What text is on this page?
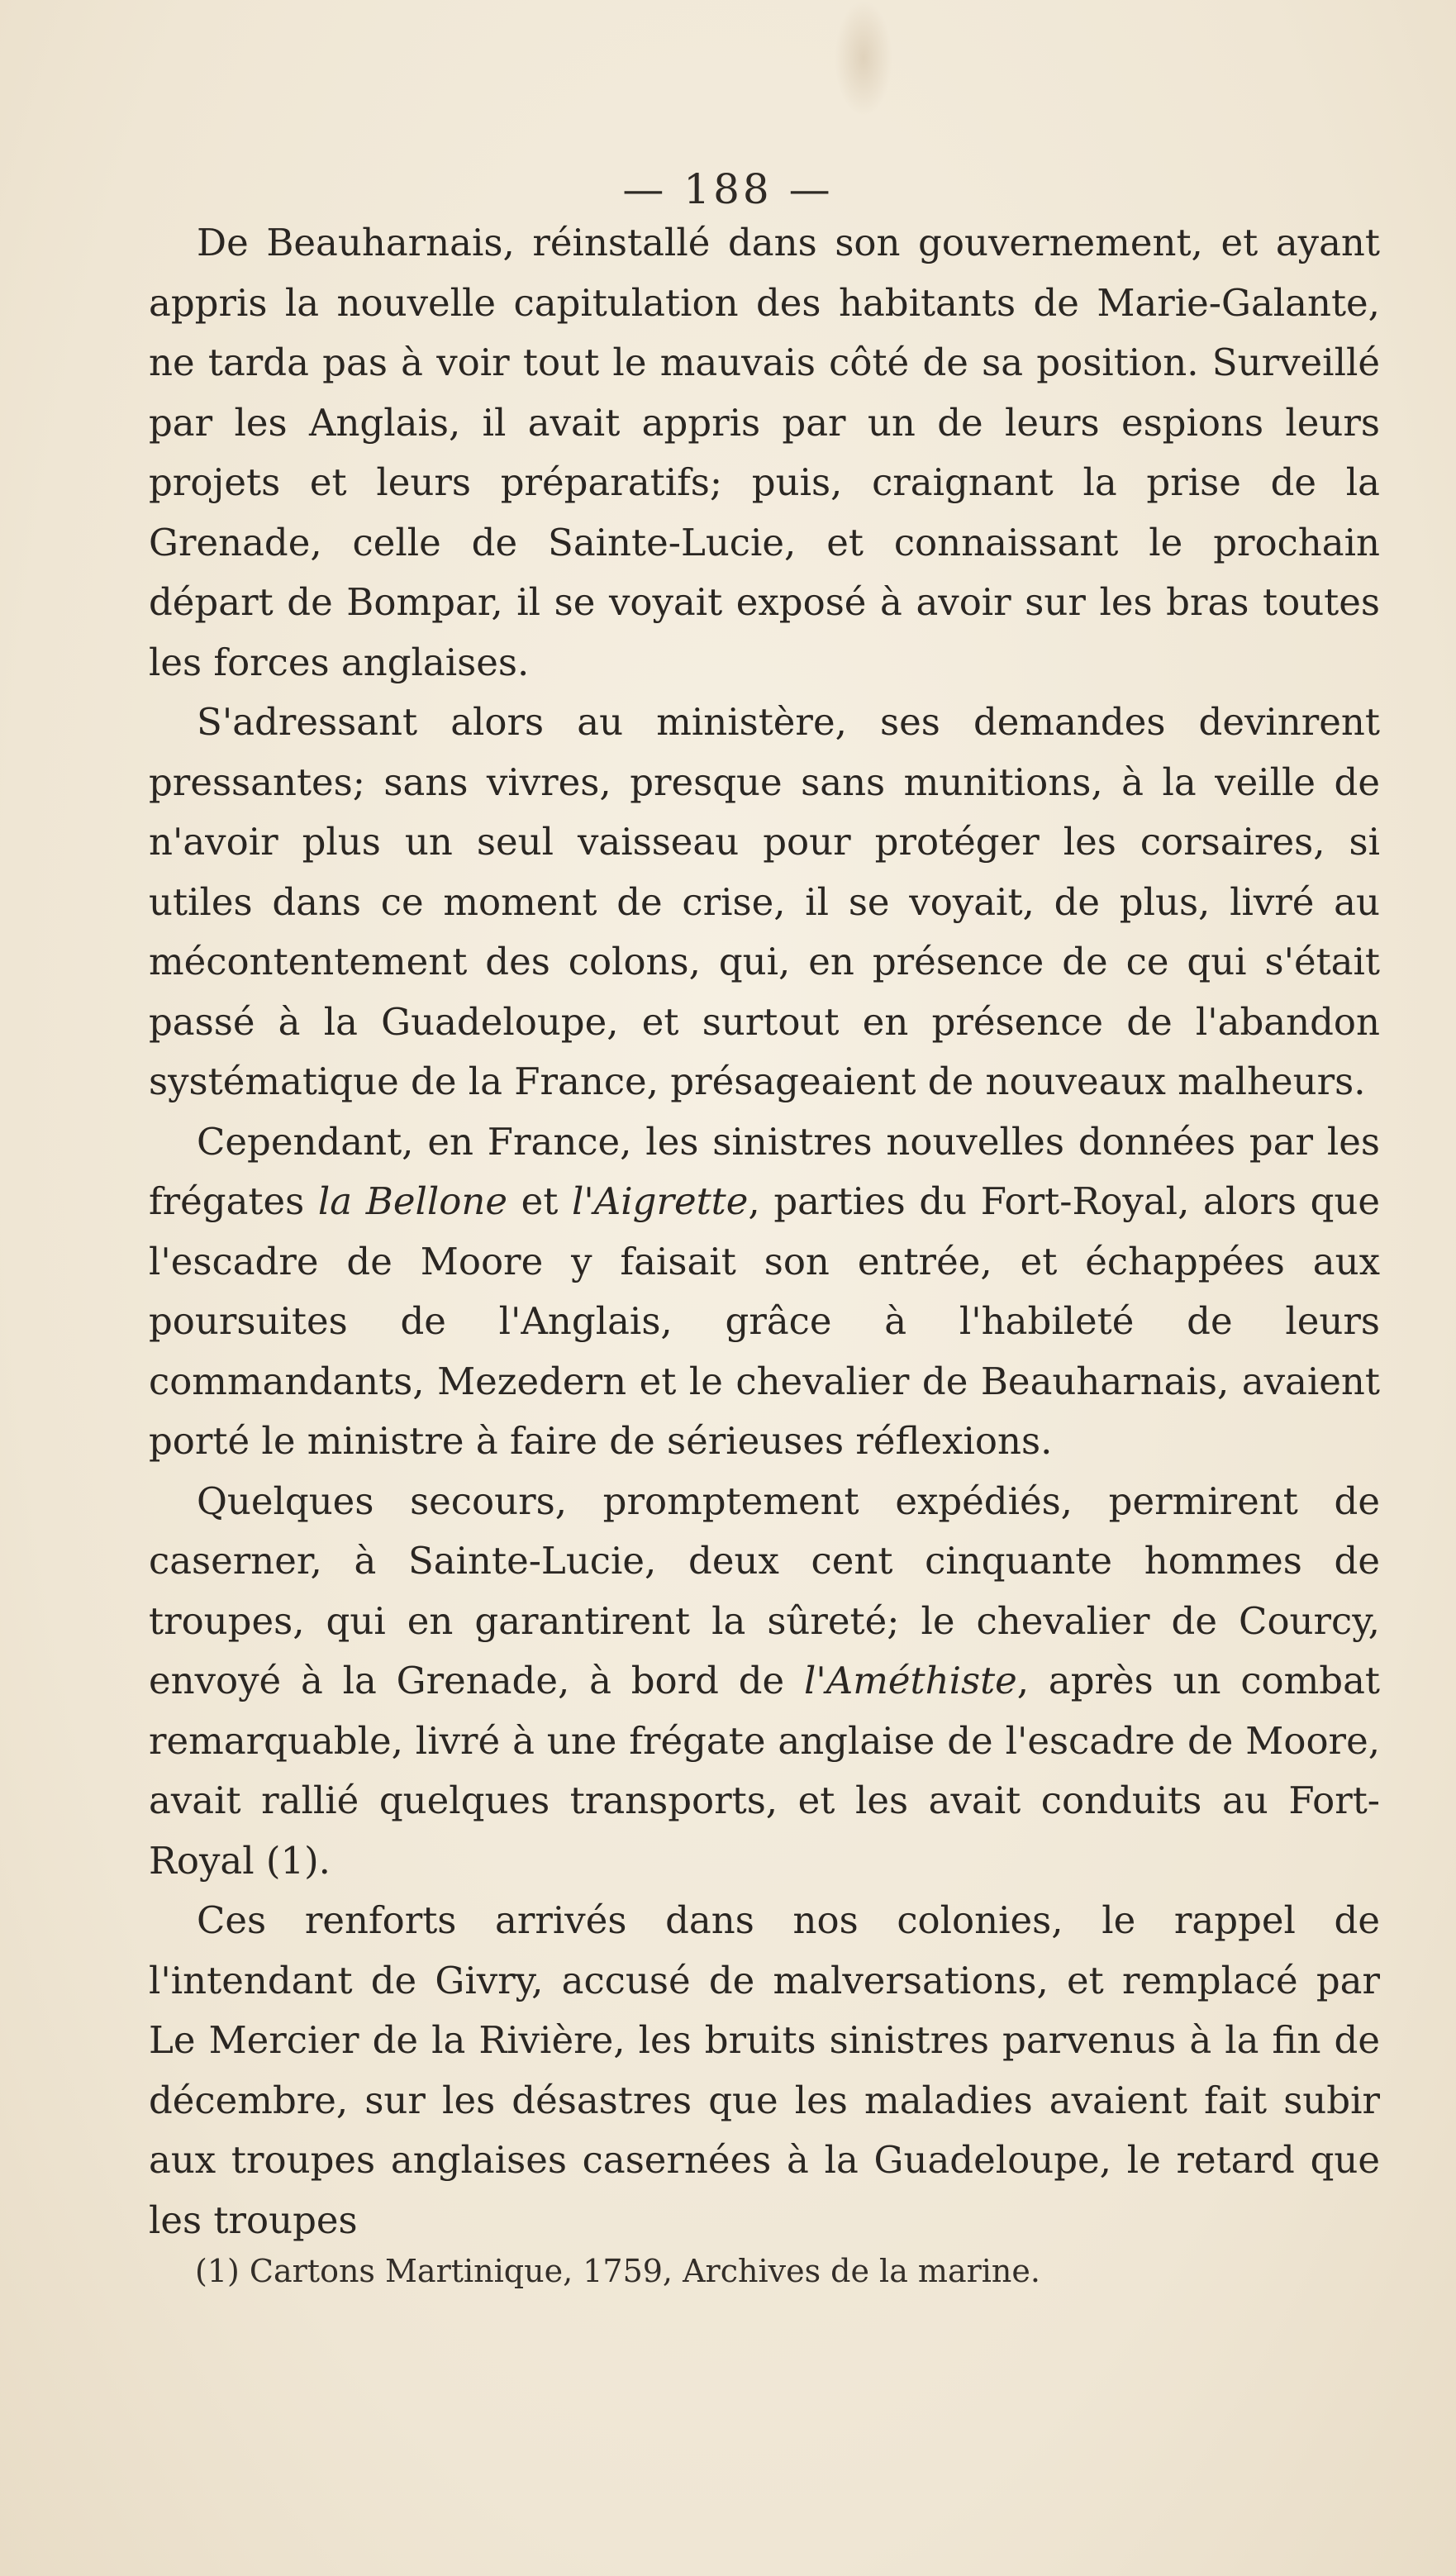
— 188 —

De Beauharnais, réinstallé dans son gouvernement, et ayant appris la nouvelle capitulation des habitants de Marie-Galante, ne tarda pas à voir tout le mauvais côté de sa position. Surveillé par les Anglais, il avait appris par un de leurs espions leurs projets et leurs préparatifs; puis, craignant la prise de la Grenade, celle de Sainte-Lucie, et connaissant le prochain départ de Bompar, il se voyait exposé à avoir sur les bras toutes les forces anglaises.

S'adressant alors au ministère, ses demandes devinrent pressantes; sans vivres, presque sans munitions, à la veille de n'avoir plus un seul vaisseau pour protéger les corsaires, si utiles dans ce moment de crise, il se voyait, de plus, livré au mécontentement des colons, qui, en présence de ce qui s'était passé à la Guadeloupe, et surtout en présence de l'abandon systématique de la France, présageaient de nouveaux malheurs.

Cependant, en France, les sinistres nouvelles données par les frégates la Bellone et l'Aigrette, parties du Fort-Royal, alors que l'escadre de Moore y faisait son entrée, et échappées aux poursuites de l'Anglais, grâce à l'habileté de leurs commandants, Mezedern et le chevalier de Beauharnais, avaient porté le ministre à faire de sérieuses réflexions.

Quelques secours, promptement expédiés, permirent de caserner, à Sainte-Lucie, deux cent cinquante hommes de troupes, qui en garantirent la sûreté; le chevalier de Courcy, envoyé à la Grenade, à bord de l'Améthiste, après un combat remarquable, livré à une frégate anglaise de l'escadre de Moore, avait rallié quelques transports, et les avait conduits au Fort-Royal (1).

Ces renforts arrivés dans nos colonies, le rappel de l'intendant de Givry, accusé de malversations, et remplacé par Le Mercier de la Rivière, les bruits sinistres parvenus à la fin de décembre, sur les désastres que les maladies avaient fait subir aux troupes anglaises casernées à la Guadeloupe, le retard que les troupes

(1) Cartons Martinique, 1759, Archives de la marine.
